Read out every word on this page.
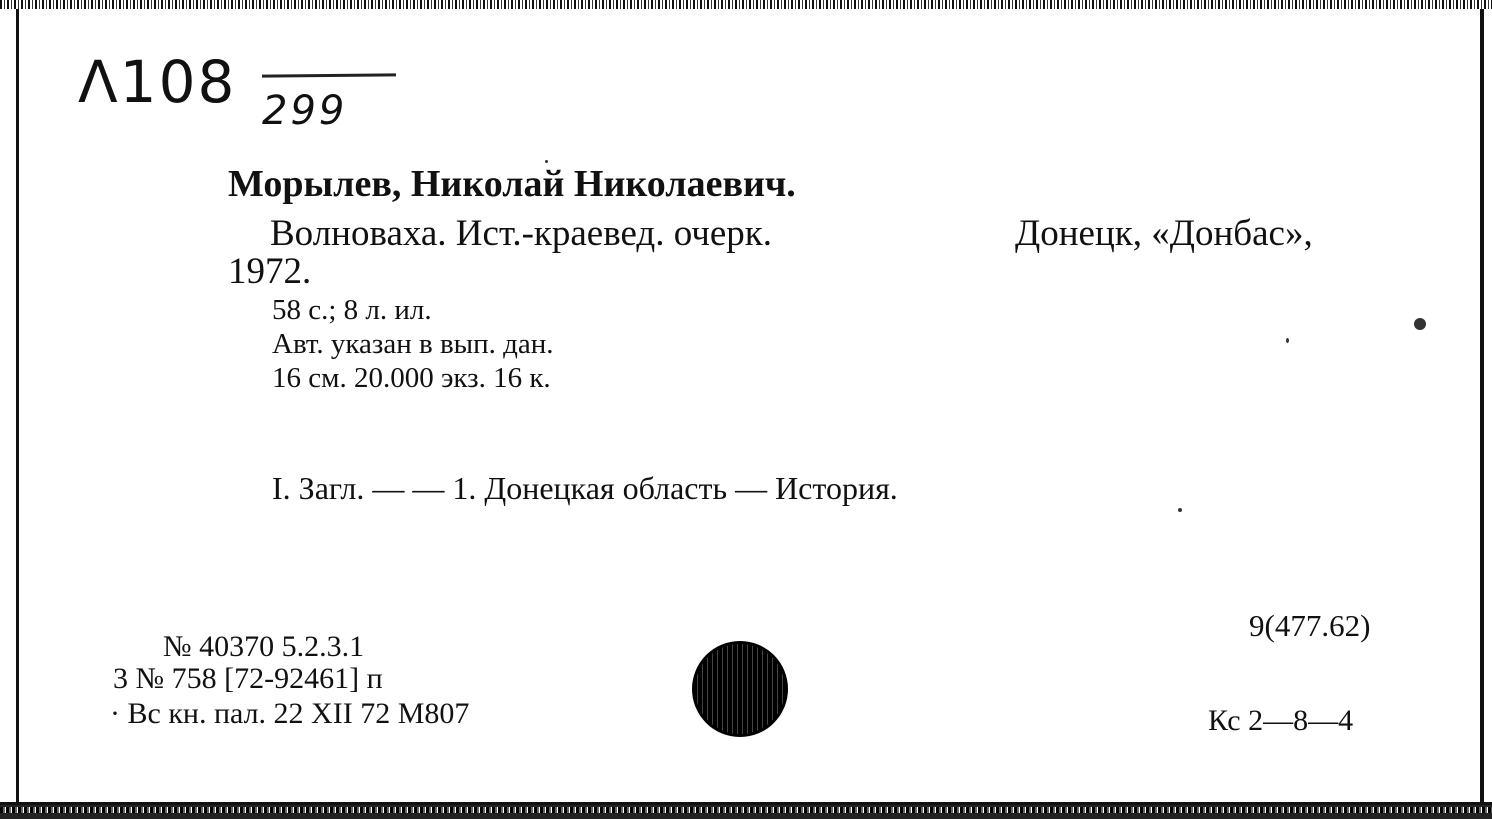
Λ108 299
Морылев, Николай Николаевич.
Волноваха. Ист.-краевед. очерк.	Донецк, «Донбас»,
1972.
58 с.; 8 л. ил.
Авт. указан в вып. дан.
16 см. 20.000 экз. 16 к.
I. Загл. — — 1. Донецкая область — История.
9(477.62)
№ 40370 5.2.3.1
3 № 758 [72-92461] п
· Вс кн. пал. 22 XII 72 М807	Кс 2—8—4
